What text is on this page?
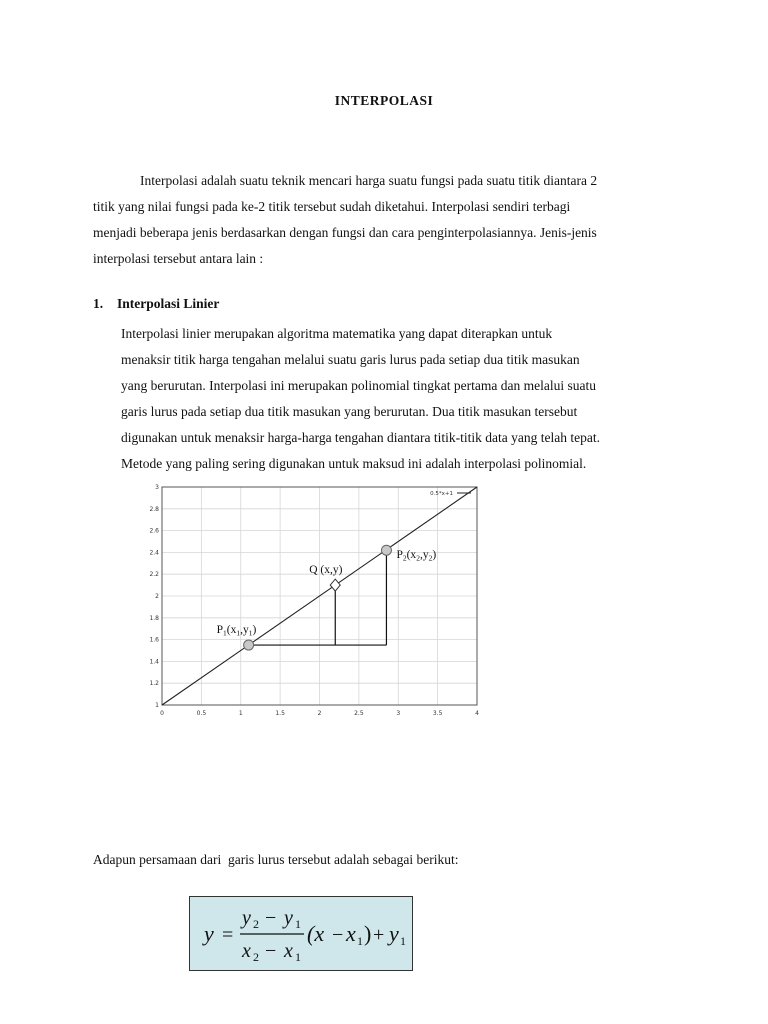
INTERPOLASI
Interpolasi adalah suatu teknik mencari harga suatu fungsi pada suatu titik diantara 2
titik yang nilai fungsi pada ke-2 titik tersebut sudah diketahui. Interpolasi sendiri terbagi
menjadi beberapa jenis berdasarkan dengan fungsi dan cara penginterpolasiannya. Jenis-jenis
interpolasi tersebut antara lain :
1. Interpolasi Linier
Interpolasi linier merupakan algoritma matematika yang dapat diterapkan untuk
menaksir titik harga tengahan melalui suatu garis lurus pada setiap dua titik masukan
yang berurutan. Interpolasi ini merupakan polinomial tingkat pertama dan melalui suatu
garis lurus pada setiap dua titik masukan yang berurutan. Dua titik masukan tersebut
digunakan untuk menaksir harga-harga tengahan diantara titik-titik data yang telah tepat.
Metode yang paling sering digunakan untuk maksud ini adalah interpolasi polinomial.
0	0.5	1	1.5	2	2.5	3	3.5	4
1
1.2
1.4
1.6
1.8
2
2.2
2.4
2.6
2.8
3
0.5*x+1
$P_1(x_1,y_1)$
$P_2(x_2,y_2)$
Q (x,y)
Adapun persamaan dari  garis lurus tersebut adalah sebagai berikut:
y =
y 2 − y 1
x 2 − x 1
(x − x 1 ) + y 1
